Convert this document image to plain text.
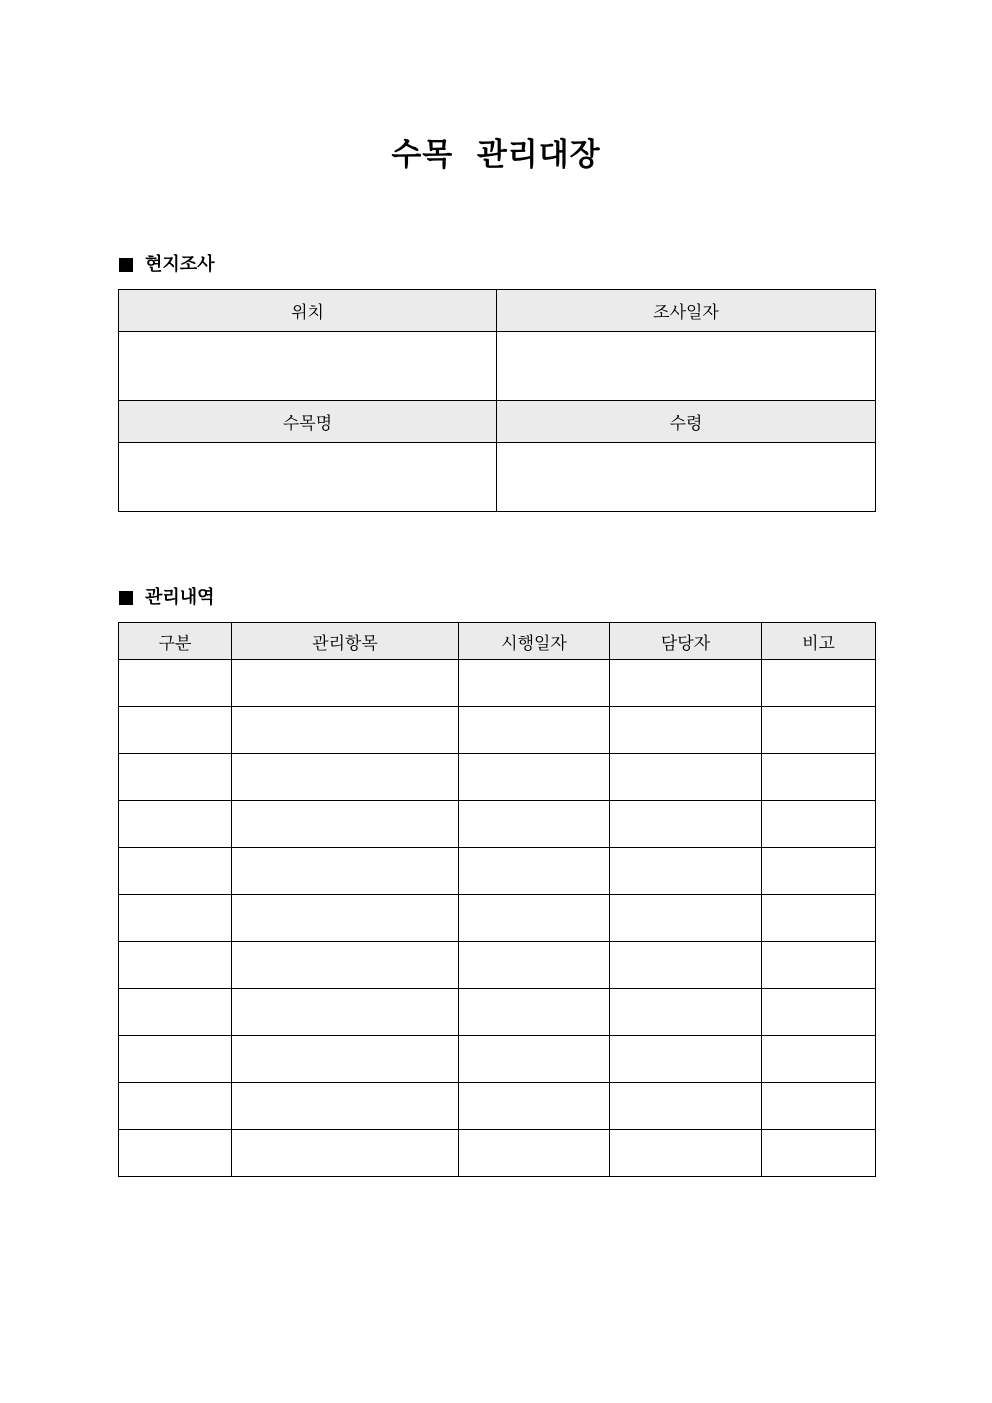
수목  관리대장
현지조사
위치	조사일자

수목명	수령

관리내역
구분	관리항목	시행일자	담당자	비고
